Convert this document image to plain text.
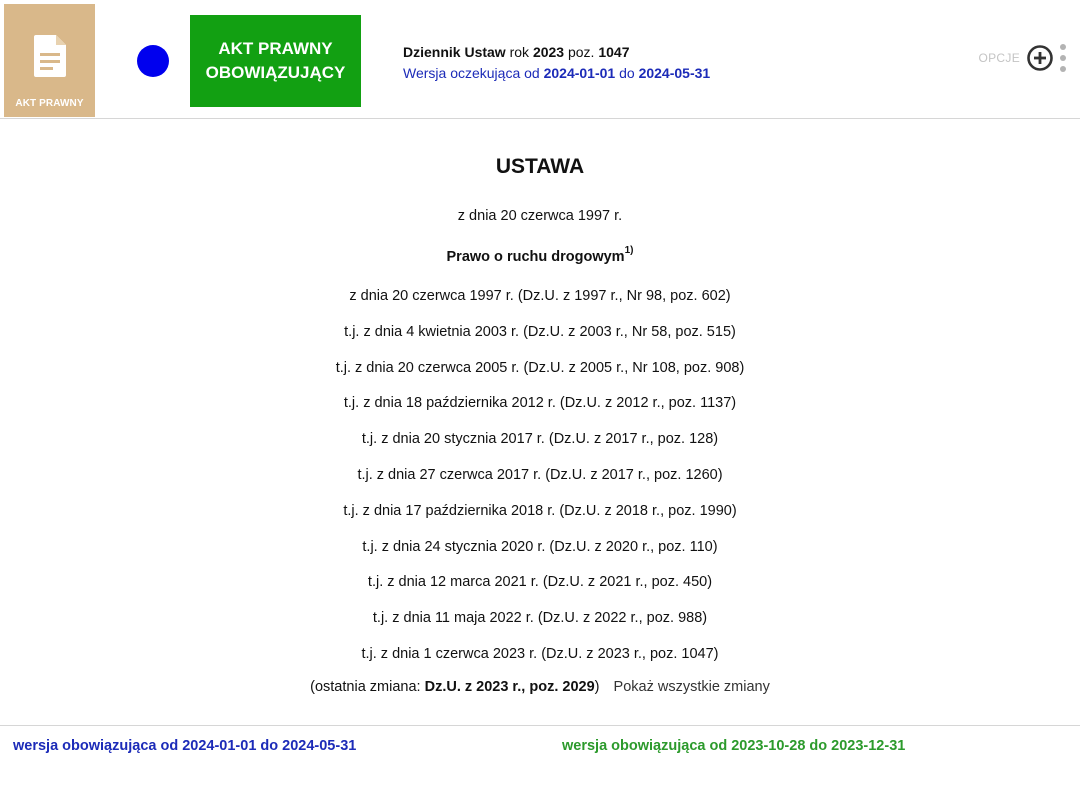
AKT PRAWNY
AKT PRAWNY
OBOWIĄZUJĄCY
Dziennik Ustaw rok 2023 poz. 1047
Wersja oczekująca od 2024-01-01 do 2024-05-31
OPCJE
USTAWA
z dnia 20 czerwca 1997 r.
Prawo o ruchu drogowym$^{1)}$
z dnia 20 czerwca 1997 r. (Dz.U. z 1997 r., Nr 98, poz. 602)
t.j. z dnia 4 kwietnia 2003 r. (Dz.U. z 2003 r., Nr 58, poz. 515)
t.j. z dnia 20 czerwca 2005 r. (Dz.U. z 2005 r., Nr 108, poz. 908)
t.j. z dnia 18 października 2012 r. (Dz.U. z 2012 r., poz. 1137)
t.j. z dnia 20 stycznia 2017 r. (Dz.U. z 2017 r., poz. 128)
t.j. z dnia 27 czerwca 2017 r. (Dz.U. z 2017 r., poz. 1260)
t.j. z dnia 17 października 2018 r. (Dz.U. z 2018 r., poz. 1990)
t.j. z dnia 24 stycznia 2020 r. (Dz.U. z 2020 r., poz. 110)
t.j. z dnia 12 marca 2021 r. (Dz.U. z 2021 r., poz. 450)
t.j. z dnia 11 maja 2022 r. (Dz.U. z 2022 r., poz. 988)
t.j. z dnia 1 czerwca 2023 r. (Dz.U. z 2023 r., poz. 1047)
(ostatnia zmiana: Dz.U. z 2023 r., poz. 2029) Pokaż wszystkie zmiany
wersja obowiązująca od 2024-01-01 do 2024-05-31	wersja obowiązująca od 2023-10-28 do 2023-12-31
